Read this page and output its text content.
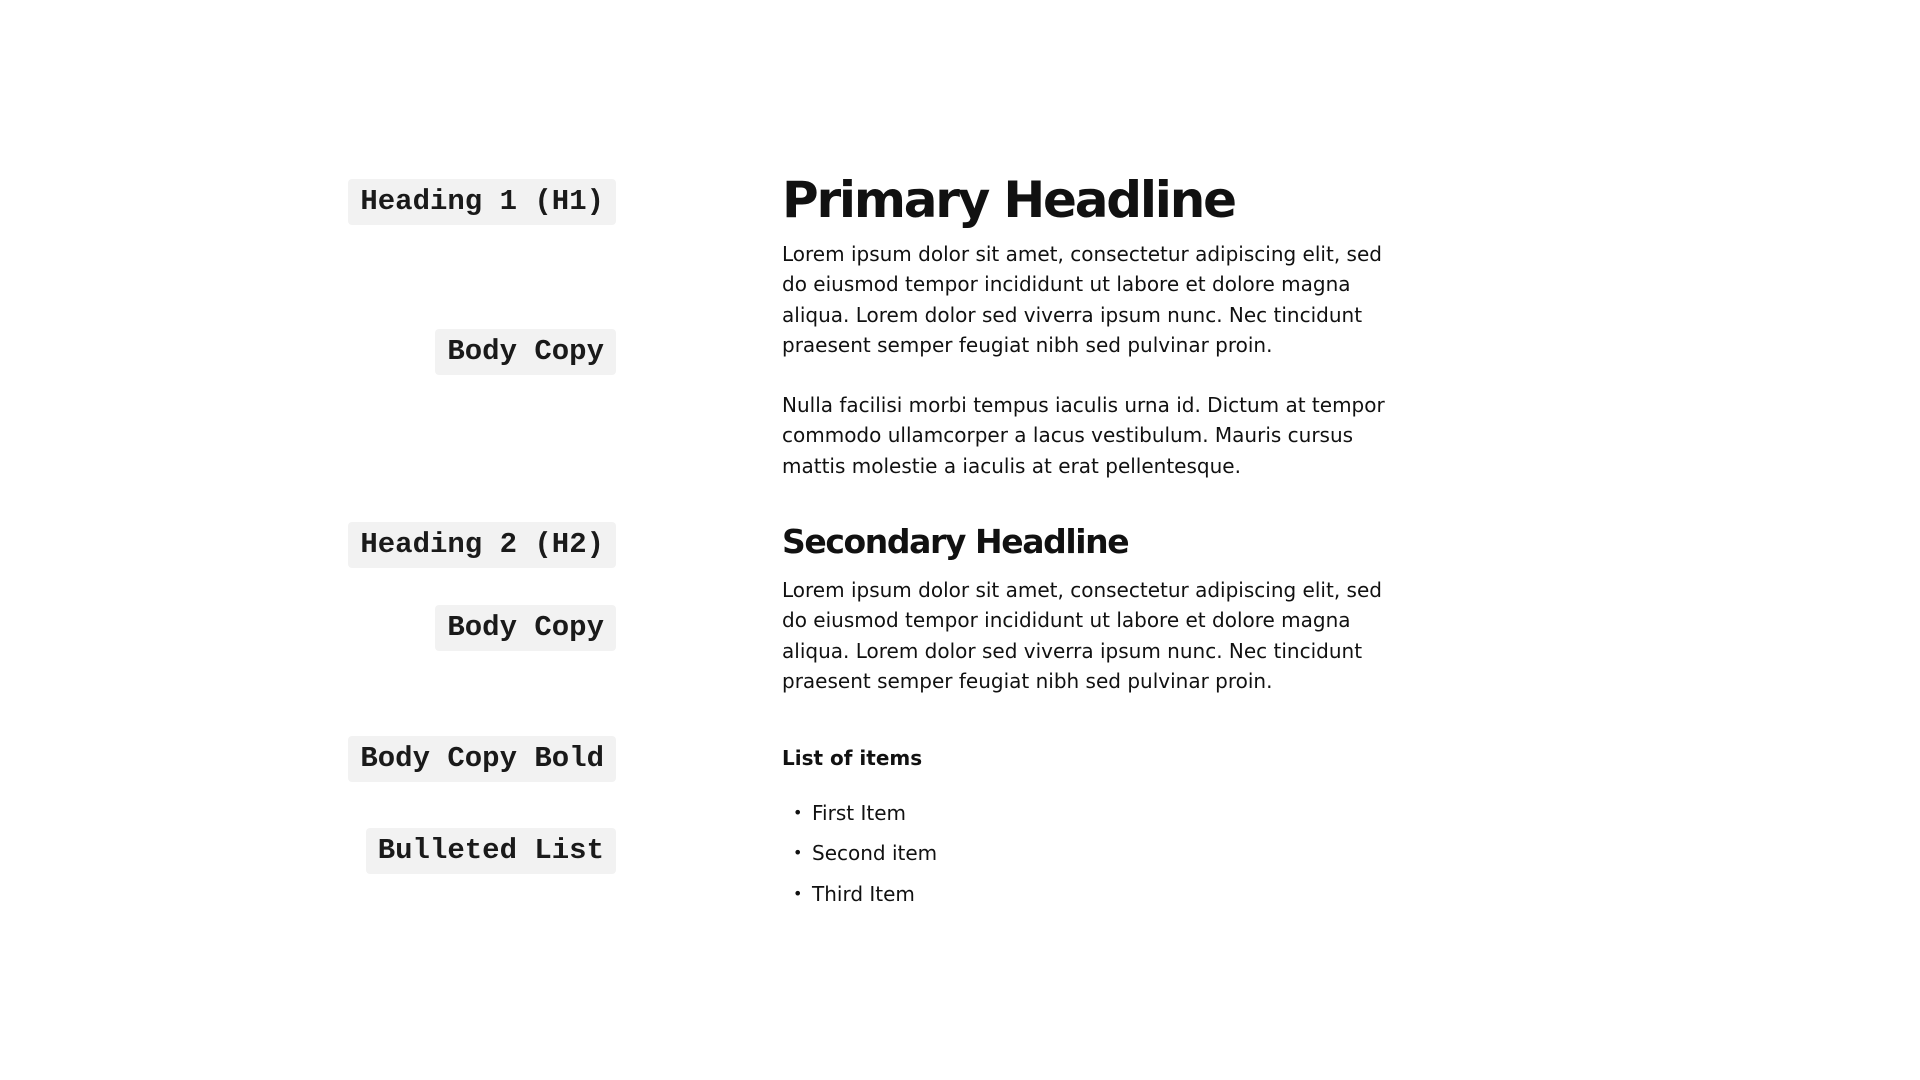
Heading 1 (H1)
Body Copy
Heading 2 (H2)
Body Copy
Body Copy Bold
Bulleted List
Primary Headline

Lorem ipsum dolor sit amet, consectetur adipiscing elit, sed do eiusmod tempor incididunt ut labore et dolore magna aliqua. Lorem dolor sed viverra ipsum nunc. Nec tincidunt praesent semper feugiat nibh sed pulvinar proin.

Nulla facilisi morbi tempus iaculis urna id. Dictum at tempor commodo ullamcorper a lacus vestibulum. Mauris cursus mattis molestie a iaculis at erat pellentesque.

Secondary Headline

Lorem ipsum dolor sit amet, consectetur adipiscing elit, sed do eiusmod tempor incididunt ut labore et dolore magna aliqua. Lorem dolor sed viverra ipsum nunc. Nec tincidunt praesent semper feugiat nibh sed pulvinar proin.

List of items

• First Item
• Second item
• Third Item
